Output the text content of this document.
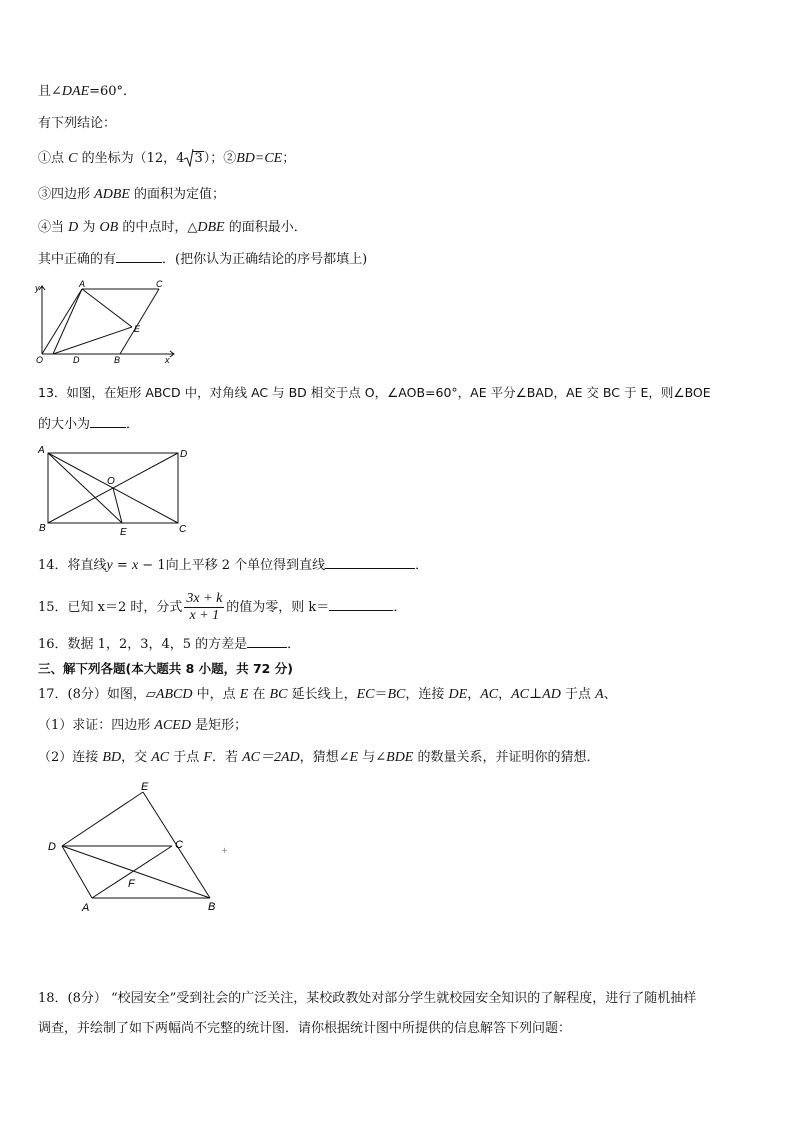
且∠DAE=60°．
有下列结论：
①点 C 的坐标为（12，4 3）；②BD=CE；
③四边形 ADBE 的面积为定值；
④当 D 为 OB 的中点时，△DBE 的面积最小．
其中正确的有	．(把你认为正确结论的序号都填上)
y
x
O
A	C
E
D	B
13．如图，在矩形 ABCD 中，对角线 AC 与 BD 相交于点 O，∠AOB=60°，AE 平分∠BAD，AE 交 BC 于 E，则∠BOE
的大小为	．
A	D
O
B	E	C
14．将直线y = x − 1向上平移 2 个单位得到直线	．
15．已知 x＝2 时，分式 $\frac{3x + k}{x + 1}$ 的值为零，则 k＝	．
16．数据 1，2，3，4，5 的方差是	．
三、解下列各题(本大题共 8 小题，共 72 分)
17．(8分）如图，▱ABCD 中，点 E 在 BC 延长线上，EC＝BC，连接 DE，AC，AC⊥AD 于点 A、
（1）求证：四边形 ACED 是矩形；
（2）连接 BD，交 AC 于点 F．若 AC＝2AD，猜想∠E 与∠BDE 的数量关系，并证明你的猜想．
E
D	C
F
A	B
+
18．(8分） “校园安全”受到社会的广泛关注，某校政教处对部分学生就校园安全知识的了解程度，进行了随机抽样
调查，并绘制了如下两幅尚不完整的统计图．请你根据统计图中所提供的信息解答下列问题：
